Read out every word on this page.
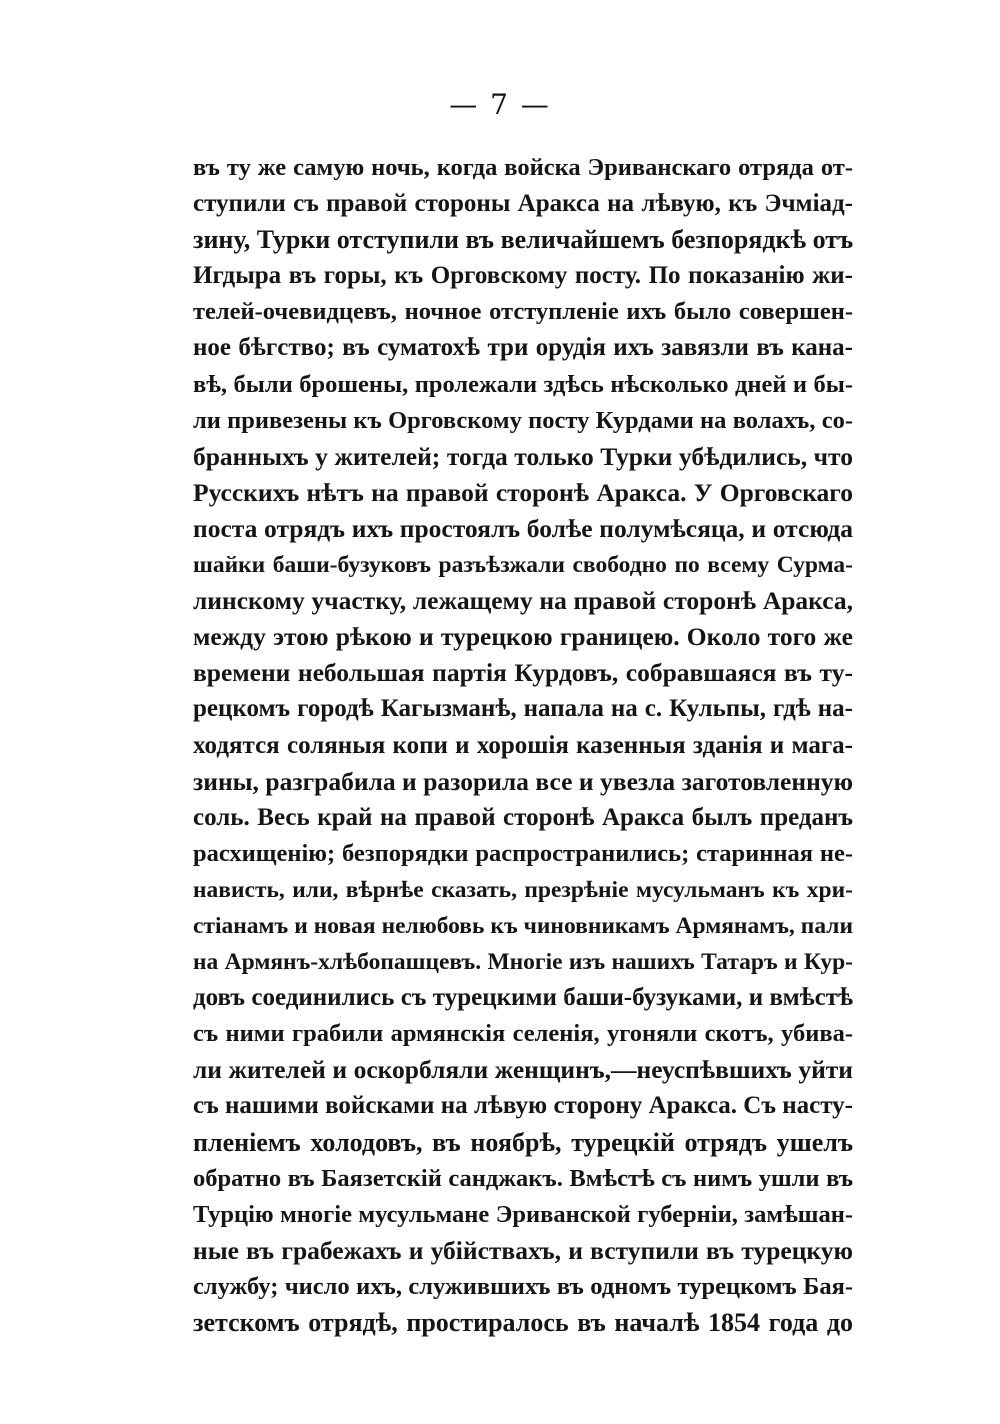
— 7 —
въ ту же самую ночь, когда войска Эриванскаго отряда от-
ступили съ правой стороны Аракса на лѣвую, къ Эчміад-
зину, Турки отступили въ величайшемъ безпорядкѣ отъ
Игдыра въ горы, къ Орговскому посту. По показанію жи-
телей-очевидцевъ, ночное отступленіе ихъ было совершен-
ное бѣгство; въ суматохѣ три орудія ихъ завязли въ кана-
вѣ, были брошены, пролежали здѣсь нѣсколько дней и бы-
ли привезены къ Орговскому посту Курдами на волахъ, со-
бранныхъ у жителей; тогда только Турки убѣдились, что
Русскихъ нѣтъ на правой сторонѣ Аракса. У Орговскаго
поста отрядъ ихъ простоялъ болѣе полумѣсяца, и отсюда
шайки баши-бузуковъ разъѣзжали свободно по всему Сурма-
линскому участку, лежащему на правой сторонѣ Аракса,
между этою рѣкою и турецкою границею. Около того же
времени небольшая партія Курдовъ, собравшаяся въ ту-
рецкомъ городѣ Кагызманѣ, напала на с. Кульпы, гдѣ на-
ходятся соляныя копи и хорошія казенныя зданія и мага-
зины, разграбила и разорила все и увезла заготовленную
соль. Весь край на правой сторонѣ Аракса былъ преданъ
расхищенію; безпорядки распространились; старинная не-
нависть, или, вѣрнѣе сказать, презрѣніе мусульманъ къ хри-
стіанамъ и новая нелюбовь къ чиновникамъ Армянамъ, пали
на Армянъ-хлѣбопашцевъ. Многіе изъ нашихъ Татаръ и Кур-
довъ соединились съ турецкими баши-бузуками, и вмѣстѣ
съ ними грабили армянскія селенія, угоняли скотъ, убива-
ли жителей и оскорбляли женщинъ,—неуспѣвшихъ уйти
съ нашими войсками на лѣвую сторону Аракса. Съ насту-
пленіемъ холодовъ, въ ноябрѣ, турецкій отрядъ ушелъ
обратно въ Баязетскій санджакъ. Вмѣстѣ съ нимъ ушли въ
Турцію многіе мусульмане Эриванской губерніи, замѣшан-
ные въ грабежахъ и убійствахъ, и вступили въ турецкую
службу; число ихъ, служившихъ въ одномъ турецкомъ Бая-
зетскомъ отрядѣ, простиралось въ началѣ 1854 года до
